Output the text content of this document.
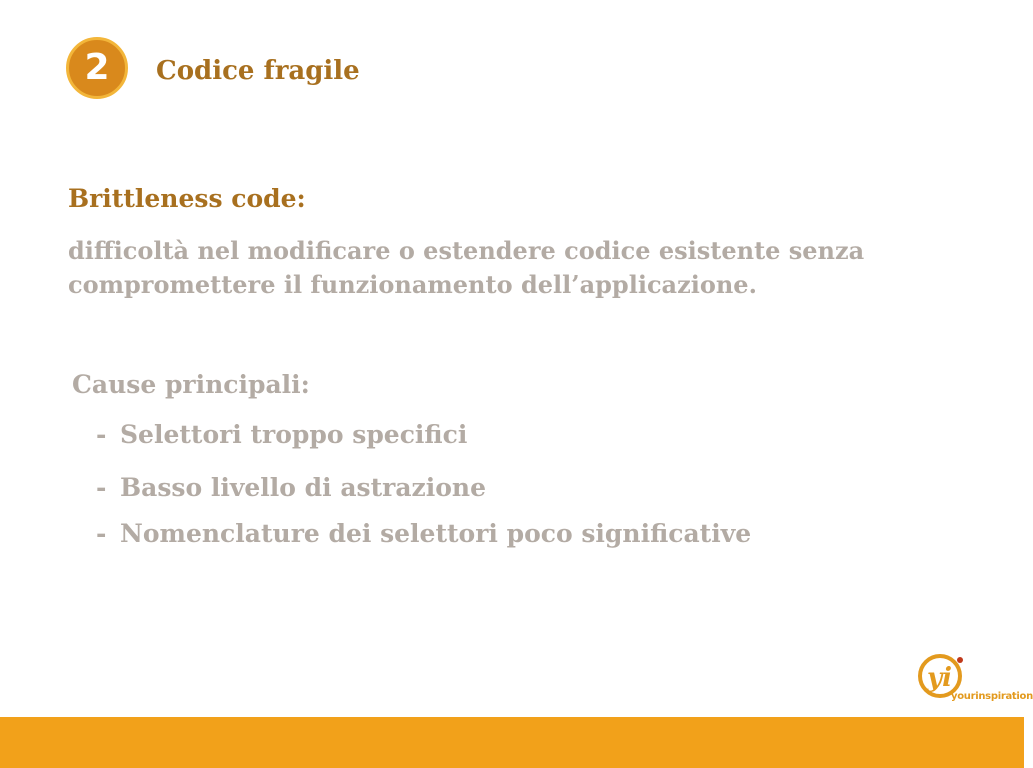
2 Codice fragile
Brittleness code:
difficoltà nel modificare o estendere codice esistente senza compromettere il funzionamento dell’applicazione.
Cause principali:
- Selettori troppo specifici
- Basso livello di astrazione
- Nomenclature dei selettori poco significative
yi
yourinspiration
